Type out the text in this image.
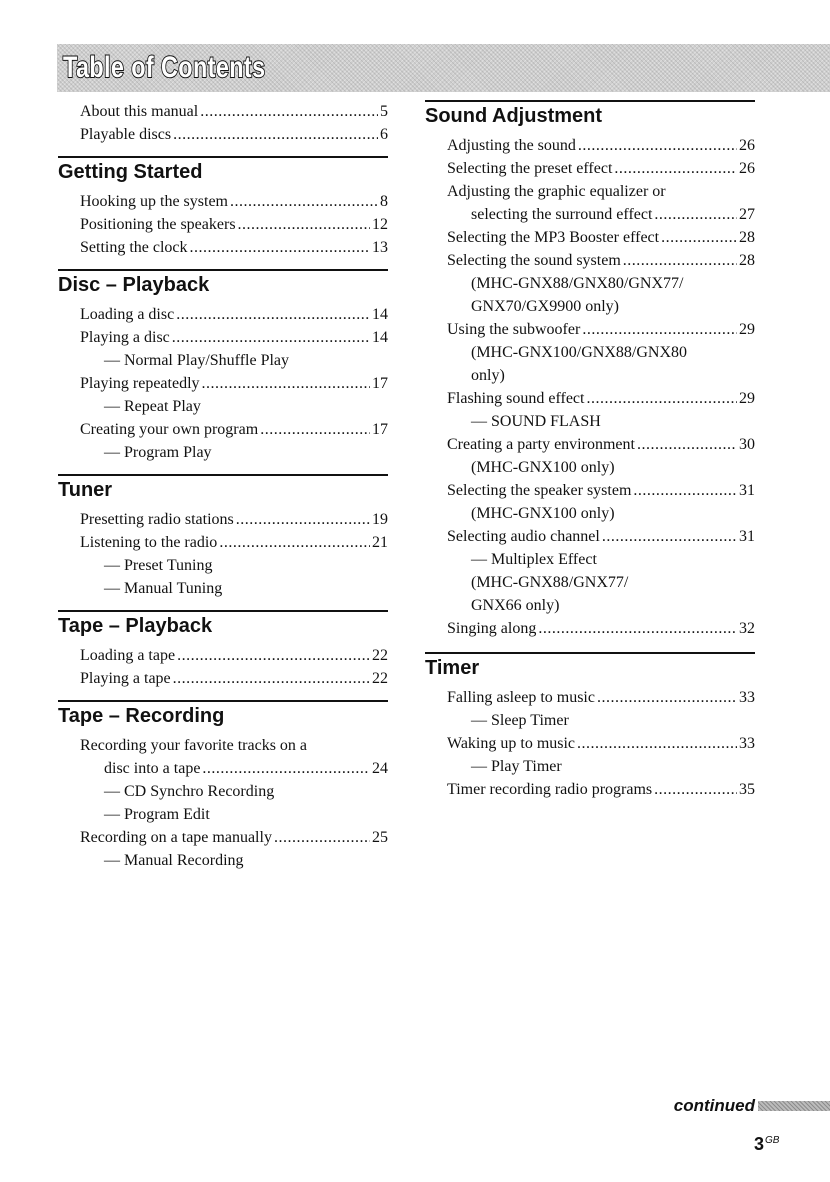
Table of Contents
About this manual .....	5
Playable discs .....	6
Getting Started
Hooking up the system .....	8
Positioning the speakers .....	12
Setting the clock .....	13
Disc – Playback
Loading a disc .....	14
Playing a disc .....	14
— Normal Play/Shuffle Play
Playing repeatedly .....	17
— Repeat Play
Creating your own program .....	17
— Program Play
Tuner
Presetting radio stations .....	19
Listening to the radio .....	21
— Preset Tuning
— Manual Tuning
Tape – Playback
Loading a tape .....	22
Playing a tape .....	22
Tape – Recording
Recording your favorite tracks on a
disc into a tape .....	24
— CD Synchro Recording
— Program Edit
Recording on a tape manually .....	25
— Manual Recording
Sound Adjustment
Adjusting the sound .....	26
Selecting the preset effect .....	26
Adjusting the graphic equalizer or
selecting the surround effect .....	27
Selecting the MP3 Booster effect .....	28
Selecting the sound system .....	28
(MHC-GNX88/GNX80/GNX77/
GNX70/GX9900 only)
Using the subwoofer .....	29
(MHC-GNX100/GNX88/GNX80
only)
Flashing sound effect .....	29
— SOUND FLASH
Creating a party environment .....	30
(MHC-GNX100 only)
Selecting the speaker system .....	31
(MHC-GNX100 only)
Selecting audio channel .....	31
— Multiplex Effect
(MHC-GNX88/GNX77/
GNX66 only)
Singing along .....	32
Timer
Falling asleep to music .....	33
— Sleep Timer
Waking up to music .....	33
— Play Timer
Timer recording radio programs .....	35
continued
$3^{GB}$
